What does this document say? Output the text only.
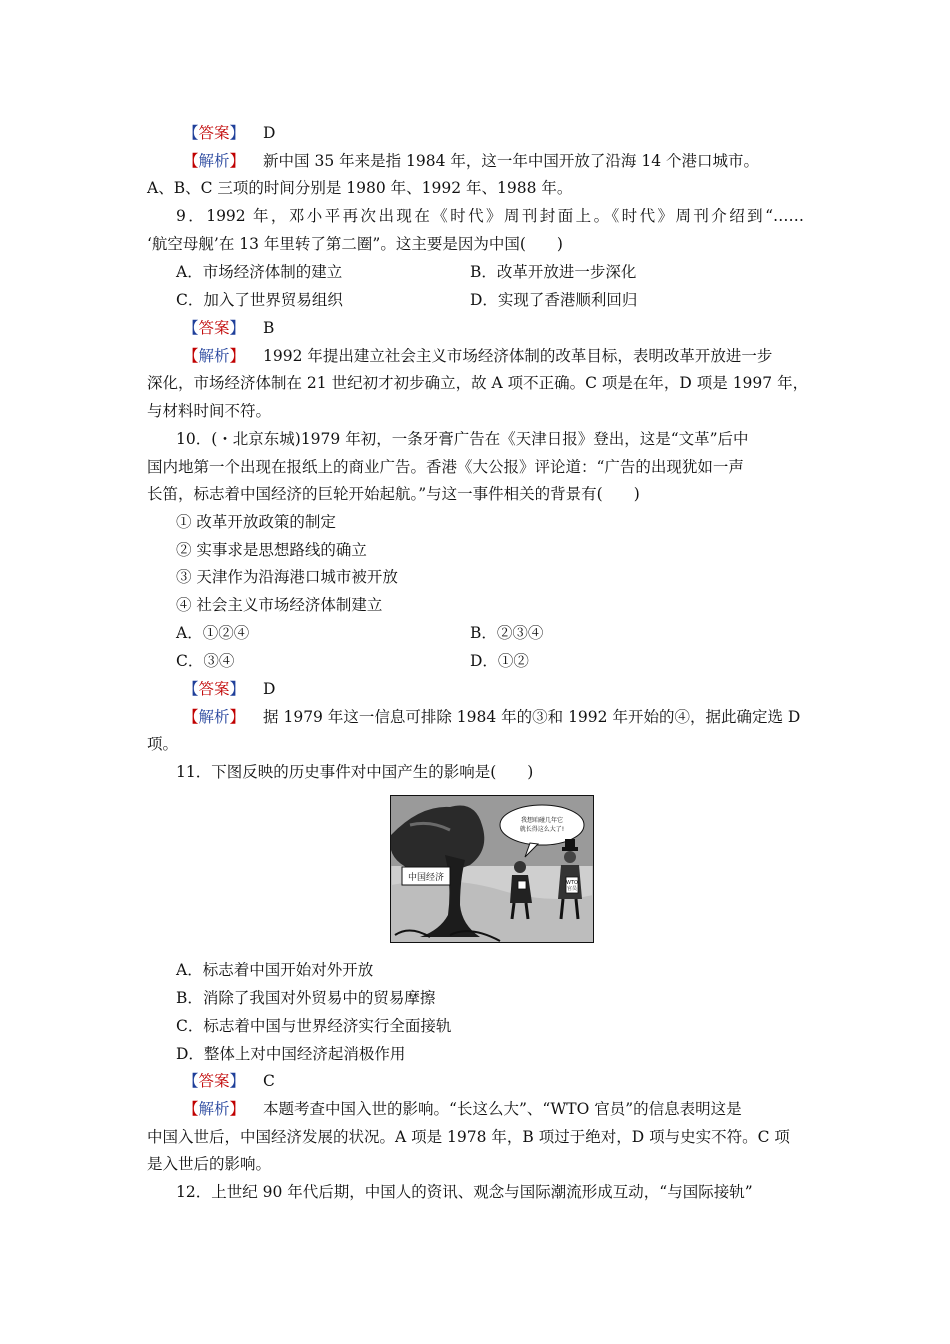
【答案】 D
【解析】 新中国 35 年来是指 1984 年，这一年中国开放了沿海 14 个港口城市。
A、B、C 三项的时间分别是 1980 年、1992 年、1988 年。
9．1992 年，邓小平再次出现在《时代》周刊封面上。《时代》周刊介绍到“……
‘航空母舰’在 13 年里转了第二圈”。这主要是因为中国(　　)
A．市场经济体制的建立	B．改革开放进一步深化
C．加入了世界贸易组织	D．实现了香港顺利回归
【答案】 B
【解析】 1992 年提出建立社会主义市场经济体制的改革目标，表明改革开放进一步
深化，市场经济体制在 21 世纪初才初步确立，故 A 项不正确。C 项是在年，D 项是 1997 年，
与材料时间不符。
10．(・北京东城)1979 年初，一条牙膏广告在《天津日报》登出，这是“文革”后中
国内地第一个出现在报纸上的商业广告。香港《大公报》评论道：“广告的出现犹如一声
长笛，标志着中国经济的巨轮开始起航。”与这一事件相关的背景有(　　)
① 改革开放政策的制定
② 实事求是思想路线的确立
③ 天津作为沿海港口城市被开放
④ 社会主义市场经济体制建立
A．①②④	B．②③④
C．③④	D．①②
【答案】 D
【解析】 据 1979 年这一信息可排除 1984 年的③和 1992 年开始的④，据此确定选 D
项。
11．下图反映的历史事件对中国产生的影响是(　　)
中国经济
我想咱碰几年它
就长得这么大了!
WTO
官员
A．标志着中国开始对外开放
B．消除了我国对外贸易中的贸易摩擦
C．标志着中国与世界经济实行全面接轨
D．整体上对中国经济起消极作用
【答案】 C
【解析】 本题考查中国入世的影响。“长这么大”、“WTO 官员”的信息表明这是
中国入世后，中国经济发展的状况。A 项是 1978 年，B 项过于绝对，D 项与史实不符。C 项
是入世后的影响。
12．上世纪 90 年代后期，中国人的资讯、观念与国际潮流形成互动，“与国际接轨”
